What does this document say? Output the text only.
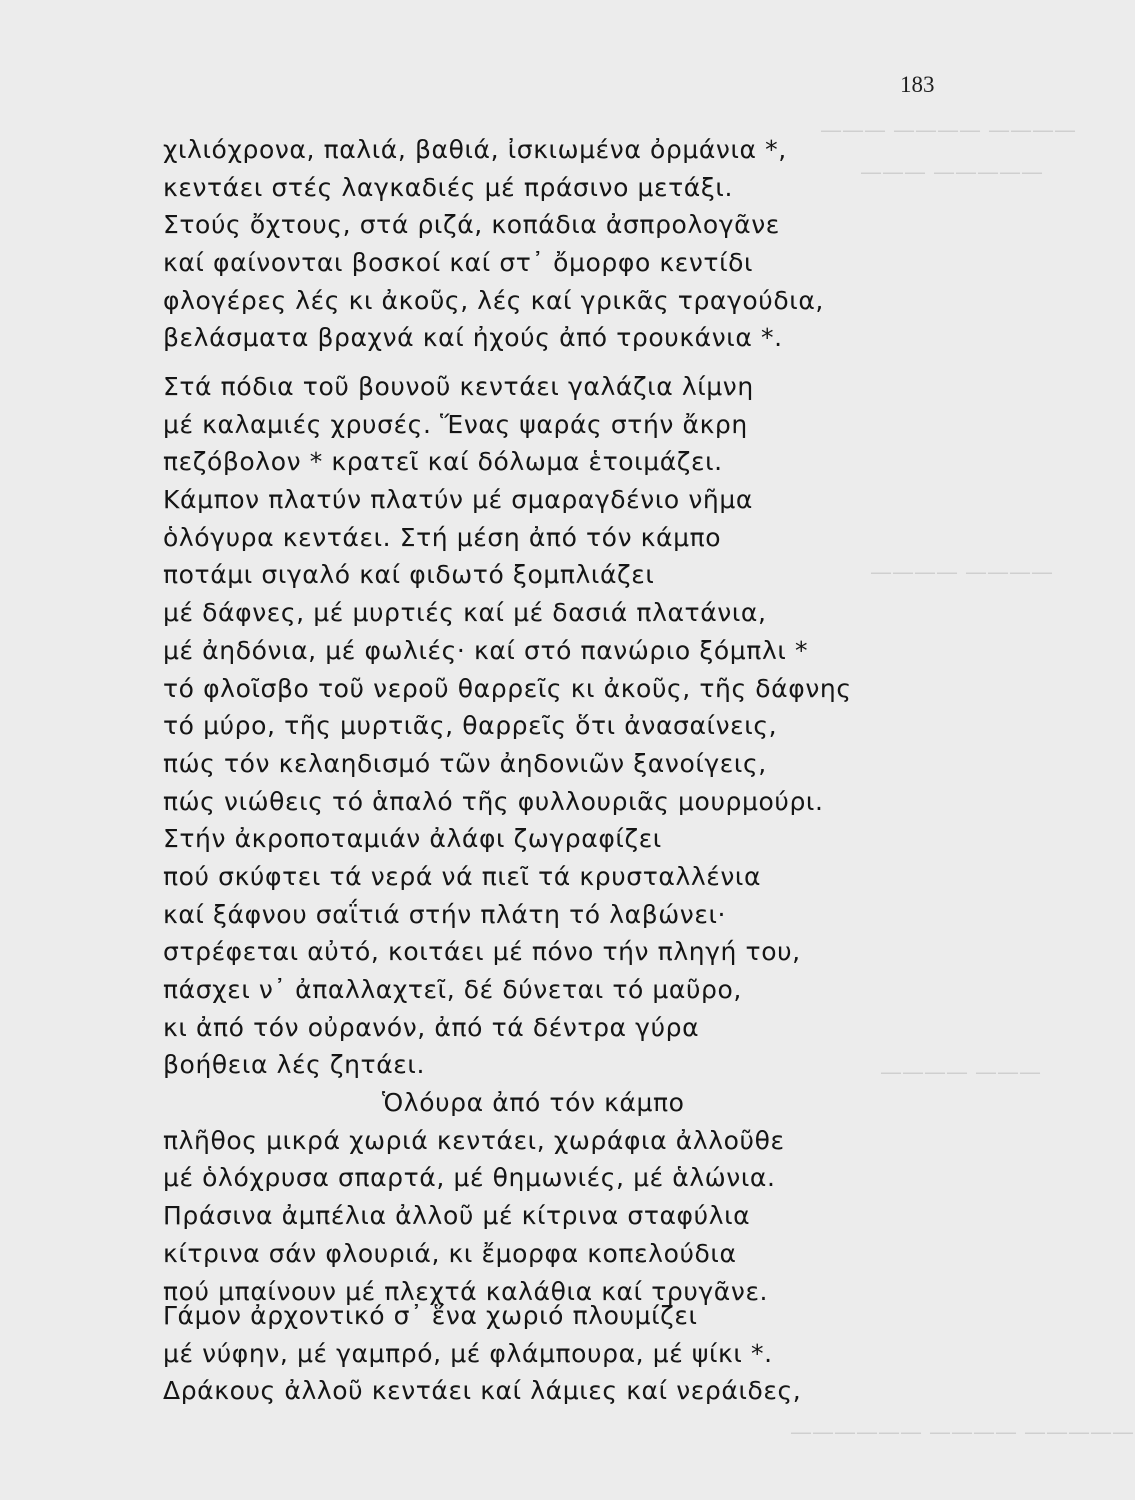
———— ———— ———
————— ———
———— ————
——— ————
————— ———— ——————
183
χιλιόχρονα, παλιά, βαθιά, ἰσκιωμένα ὀρμάνια *,
κεντάει στές λαγκαδιές μέ πράσινο μετάξι.
Στούς ὄχτους, στά ριζά, κοπάδια ἀσπρολογᾶνε
καί φαίνονται βοσκοί καί στ᾿ ὄμορφο κεντίδι
φλογέρες λές κι ἀκοῦς, λές καί γρικᾶς τραγούδια,
βελάσματα βραχνά καί ἠχούς ἀπό τρουκάνια *.
Στά πόδια τοῦ βουνοῦ κεντάει γαλάζια λίμνη
μέ καλαμιές χρυσές. Ἕνας ψαράς στήν ἄκρη
πεζόβολον * κρατεῖ καί δόλωμα ἑτοιμάζει.
Κάμπον πλατύν πλατύν μέ σμαραγδένιο νῆμα
ὁλόγυρα κεντάει. Στή μέση ἀπό τόν κάμπο
ποτάμι σιγαλό καί φιδωτό ξομπλιάζει
μέ δάφνες, μέ μυρτιές καί μέ δασιά πλατάνια,
μέ ἀηδόνια, μέ φωλιές· καί στό πανώριο ξόμπλι *
τό φλοῖσβο τοῦ νεροῦ θαρρεῖς κι ἀκοῦς, τῆς δάφνης
τό μύρο, τῆς μυρτιᾶς, θαρρεῖς ὅτι ἀνασαίνεις,
πώς τόν κελαηδισμό τῶν ἀηδονιῶν ξανοίγεις,
πώς νιώθεις τό ἁπαλό τῆς φυλλουριᾶς μουρμούρι.
Στήν ἀκροποταμιάν ἀλάφι ζωγραφίζει
πού σκύφτει τά νερά νά πιεῖ τά κρυσταλλένια
καί ξάφνου σαΐτιά στήν πλάτη τό λαβώνει·
στρέφεται αὐτό, κοιτάει μέ πόνο τήν πληγή του,
πάσχει ν᾿ ἀπαλλαχτεῖ, δέ δύνεται τό μαῦρο,
κι ἀπό τόν οὐρανόν, ἀπό τά δέντρα γύρα
βοήθεια λές ζητάει.
Ὁλόυρα ἀπό τόν κάμπο
πλῆθος μικρά χωριά κεντάει, χωράφια ἀλλοῦθε
μέ ὁλόχρυσα σπαρτά, μέ θημωνιές, μέ ἁλώνια.
Πράσινα ἀμπέλια ἀλλοῦ μέ κίτρινα σταφύλια
κίτρινα σάν φλουριά, κι ἔμορφα κοπελούδια
πού μπαίνουν μέ πλεχτά καλάθια καί τρυγᾶνε.
Γάμον ἀρχοντικό σ᾿ ἕνα χωριό πλουμίζει
μέ νύφην, μέ γαμπρό, μέ φλάμπουρα, μέ ψίκι *.
Δράκους ἀλλοῦ κεντάει καί λάμιες καί νεράιδες,
